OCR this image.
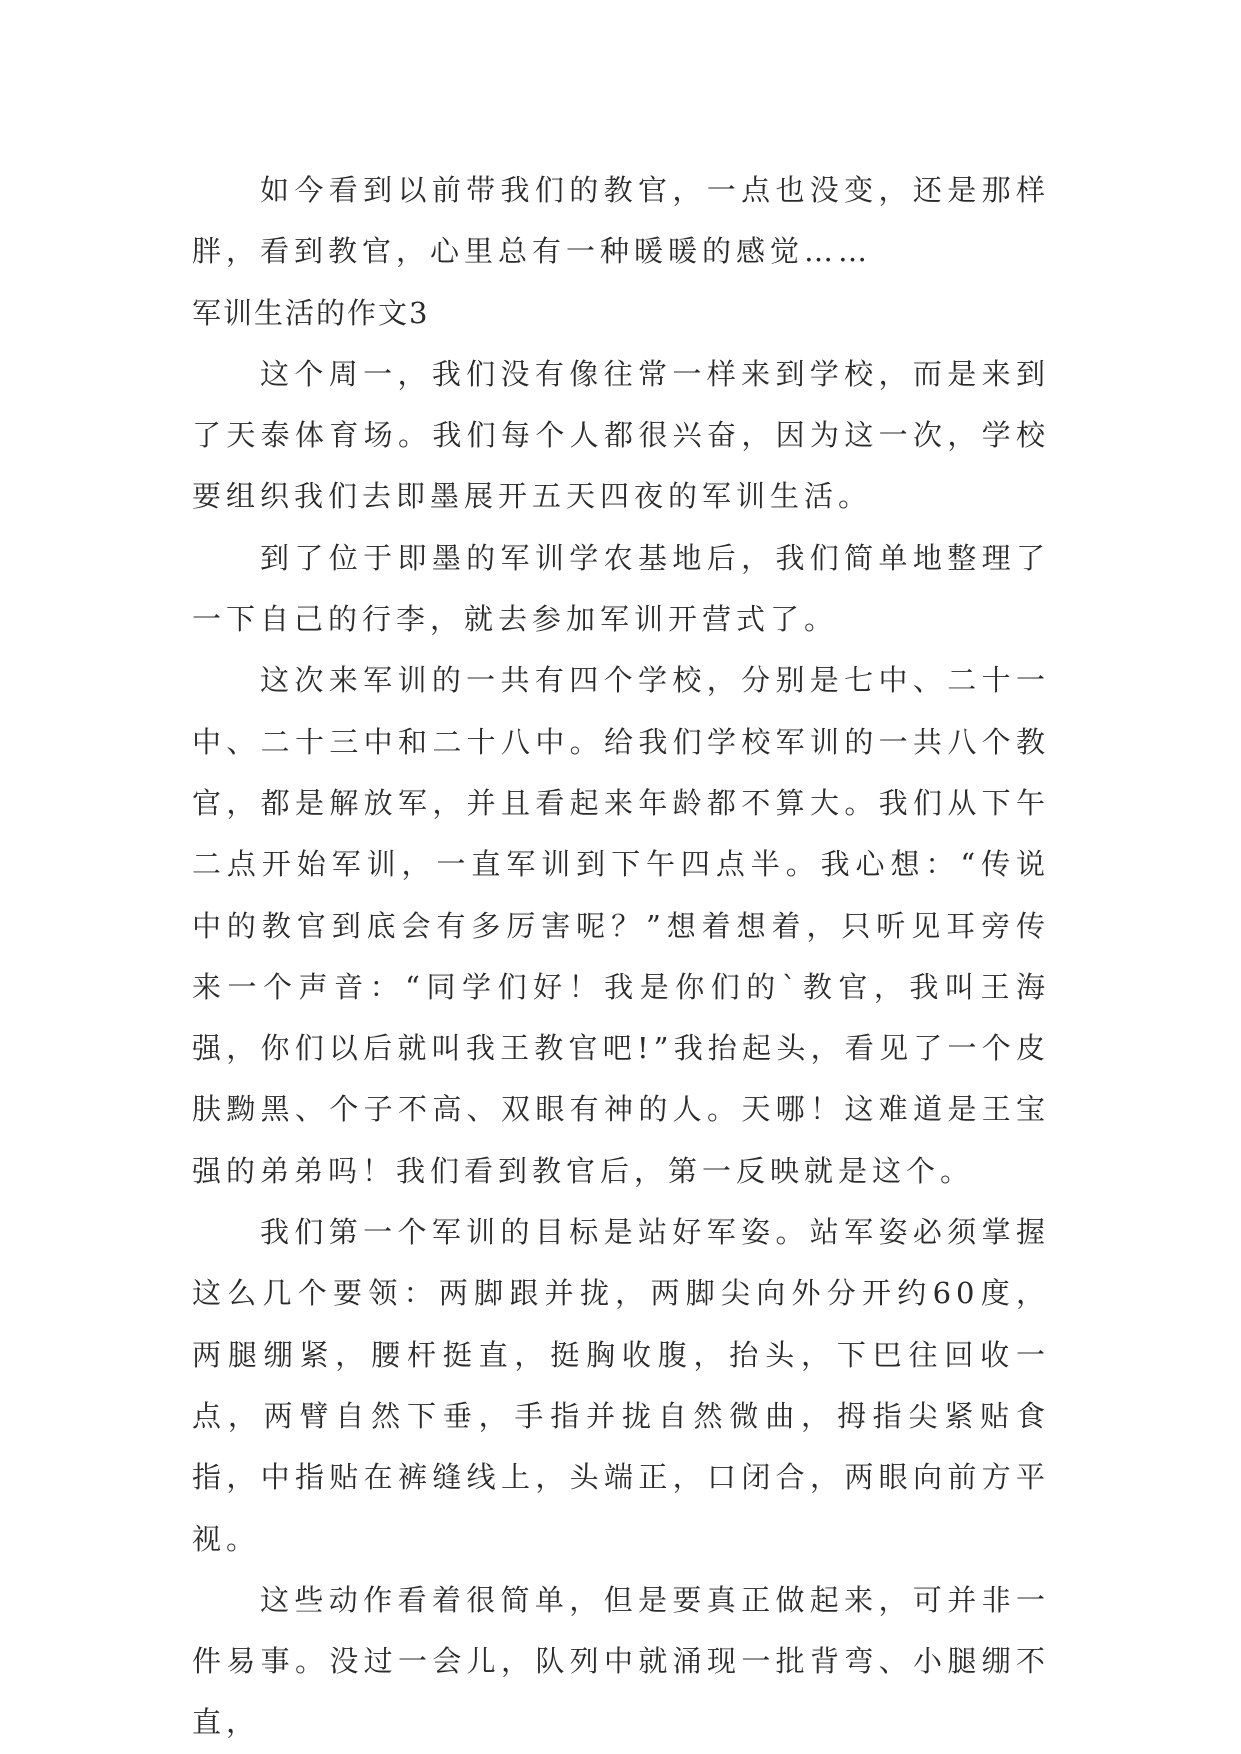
如今看到以前带我们的教官，一点也没变，还是那样胖，看到教官，心里总有一种暖暖的感觉……

军训生活的作文3

这个周一，我们没有像往常一样来到学校，而是来到了天泰体育场。我们每个人都很兴奋，因为这一次，学校要组织我们去即墨展开五天四夜的军训生活。

到了位于即墨的军训学农基地后，我们简单地整理了一下自己的行李，就去参加军训开营式了。

这次来军训的一共有四个学校，分别是七中、二十一中、二十三中和二十八中。给我们学校军训的一共八个教官，都是解放军，并且看起来年龄都不算大。我们从下午二点开始军训，一直军训到下午四点半。我心想：“传说中的教官到底会有多厉害呢？”想着想着，只听见耳旁传来一个声音：“同学们好！我是你们的`教官，我叫王海强，你们以后就叫我王教官吧!”我抬起头，看见了一个皮肤黝黑、个子不高、双眼有神的人。天哪！这难道是王宝强的弟弟吗！我们看到教官后，第一反映就是这个。

我们第一个军训的目标是站好军姿。站军姿必须掌握这么几个要领：两脚跟并拢，两脚尖向外分开约60度，两腿绷紧，腰杆挺直，挺胸收腹，抬头，下巴往回收一点，两臂自然下垂，手指并拢自然微曲，拇指尖紧贴食指，中指贴在裤缝线上，头端正，口闭合，两眼向前方平视。

这些动作看着很简单，但是要真正做起来，可并非一件易事。没过一会儿，队列中就涌现一批背弯、小腿绷不直，
